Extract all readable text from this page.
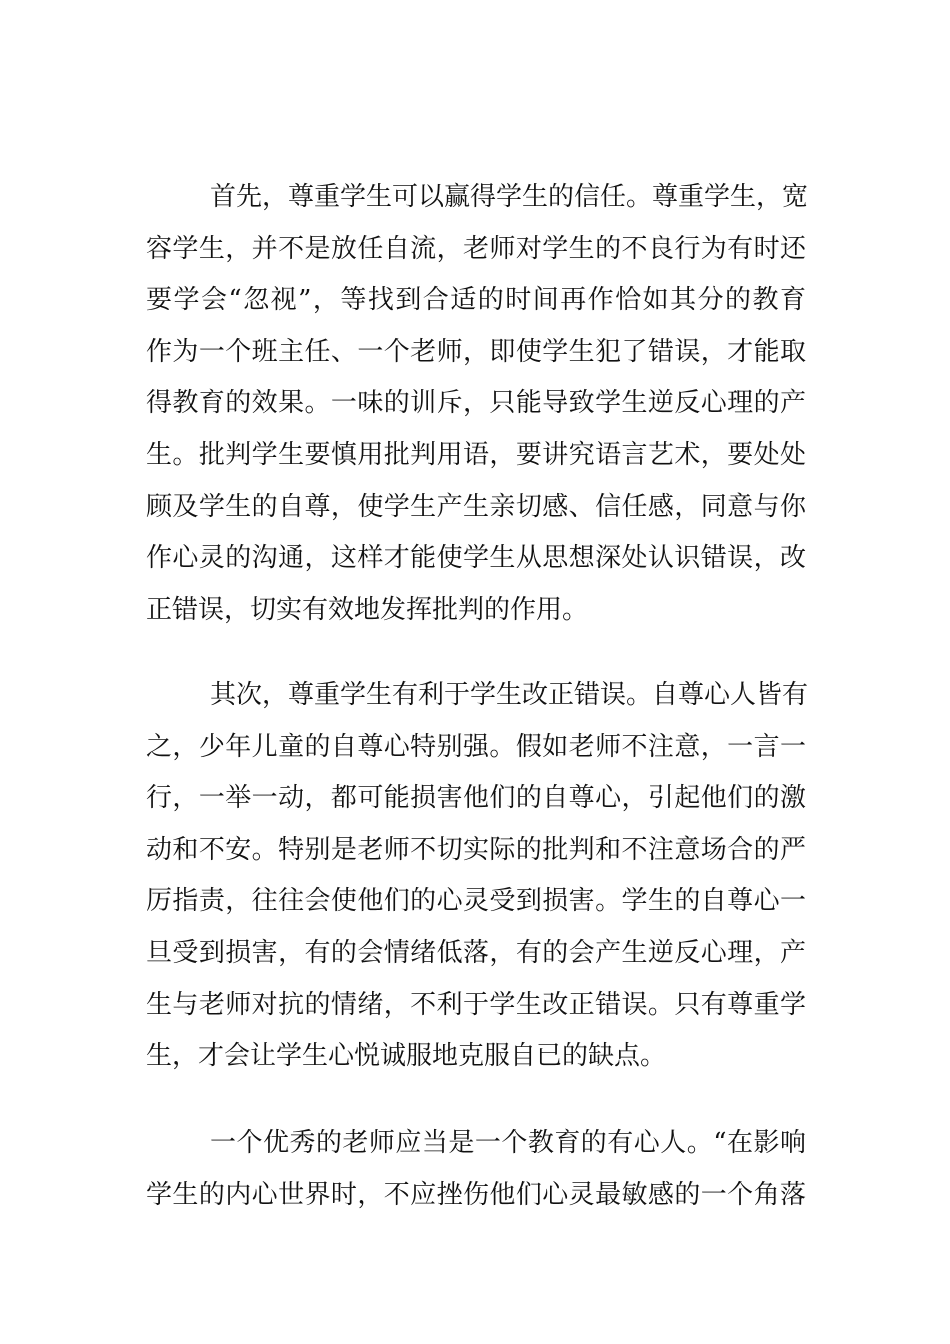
首先，尊重学生可以赢得学生的信任。尊重学生，宽
容学生，并不是放任自流，老师对学生的不良行为有时还
要学会“忽视”，等找到合适的时间再作恰如其分的教育
作为一个班主任、一个老师，即使学生犯了错误，才能取
得教育的效果。一味的训斥，只能导致学生逆反心理的产
生。批判学生要慎用批判用语，要讲究语言艺术，要处处
顾及学生的自尊，使学生产生亲切感、信任感，同意与你
作心灵的沟通，这样才能使学生从思想深处认识错误，改
正错误，切实有效地发挥批判的作用。
其次，尊重学生有利于学生改正错误。自尊心人皆有
之，少年儿童的自尊心特别强。假如老师不注意，一言一
行，一举一动，都可能损害他们的自尊心，引起他们的激
动和不安。特别是老师不切实际的批判和不注意场合的严
厉指责，往往会使他们的心灵受到损害。学生的自尊心一
旦受到损害，有的会情绪低落，有的会产生逆反心理，产
生与老师对抗的情绪，不利于学生改正错误。只有尊重学
生，才会让学生心悦诚服地克服自已的缺点。
一个优秀的老师应当是一个教育的有心人。“在影响
学生的内心世界时，不应挫伤他们心灵最敏感的一个角落
